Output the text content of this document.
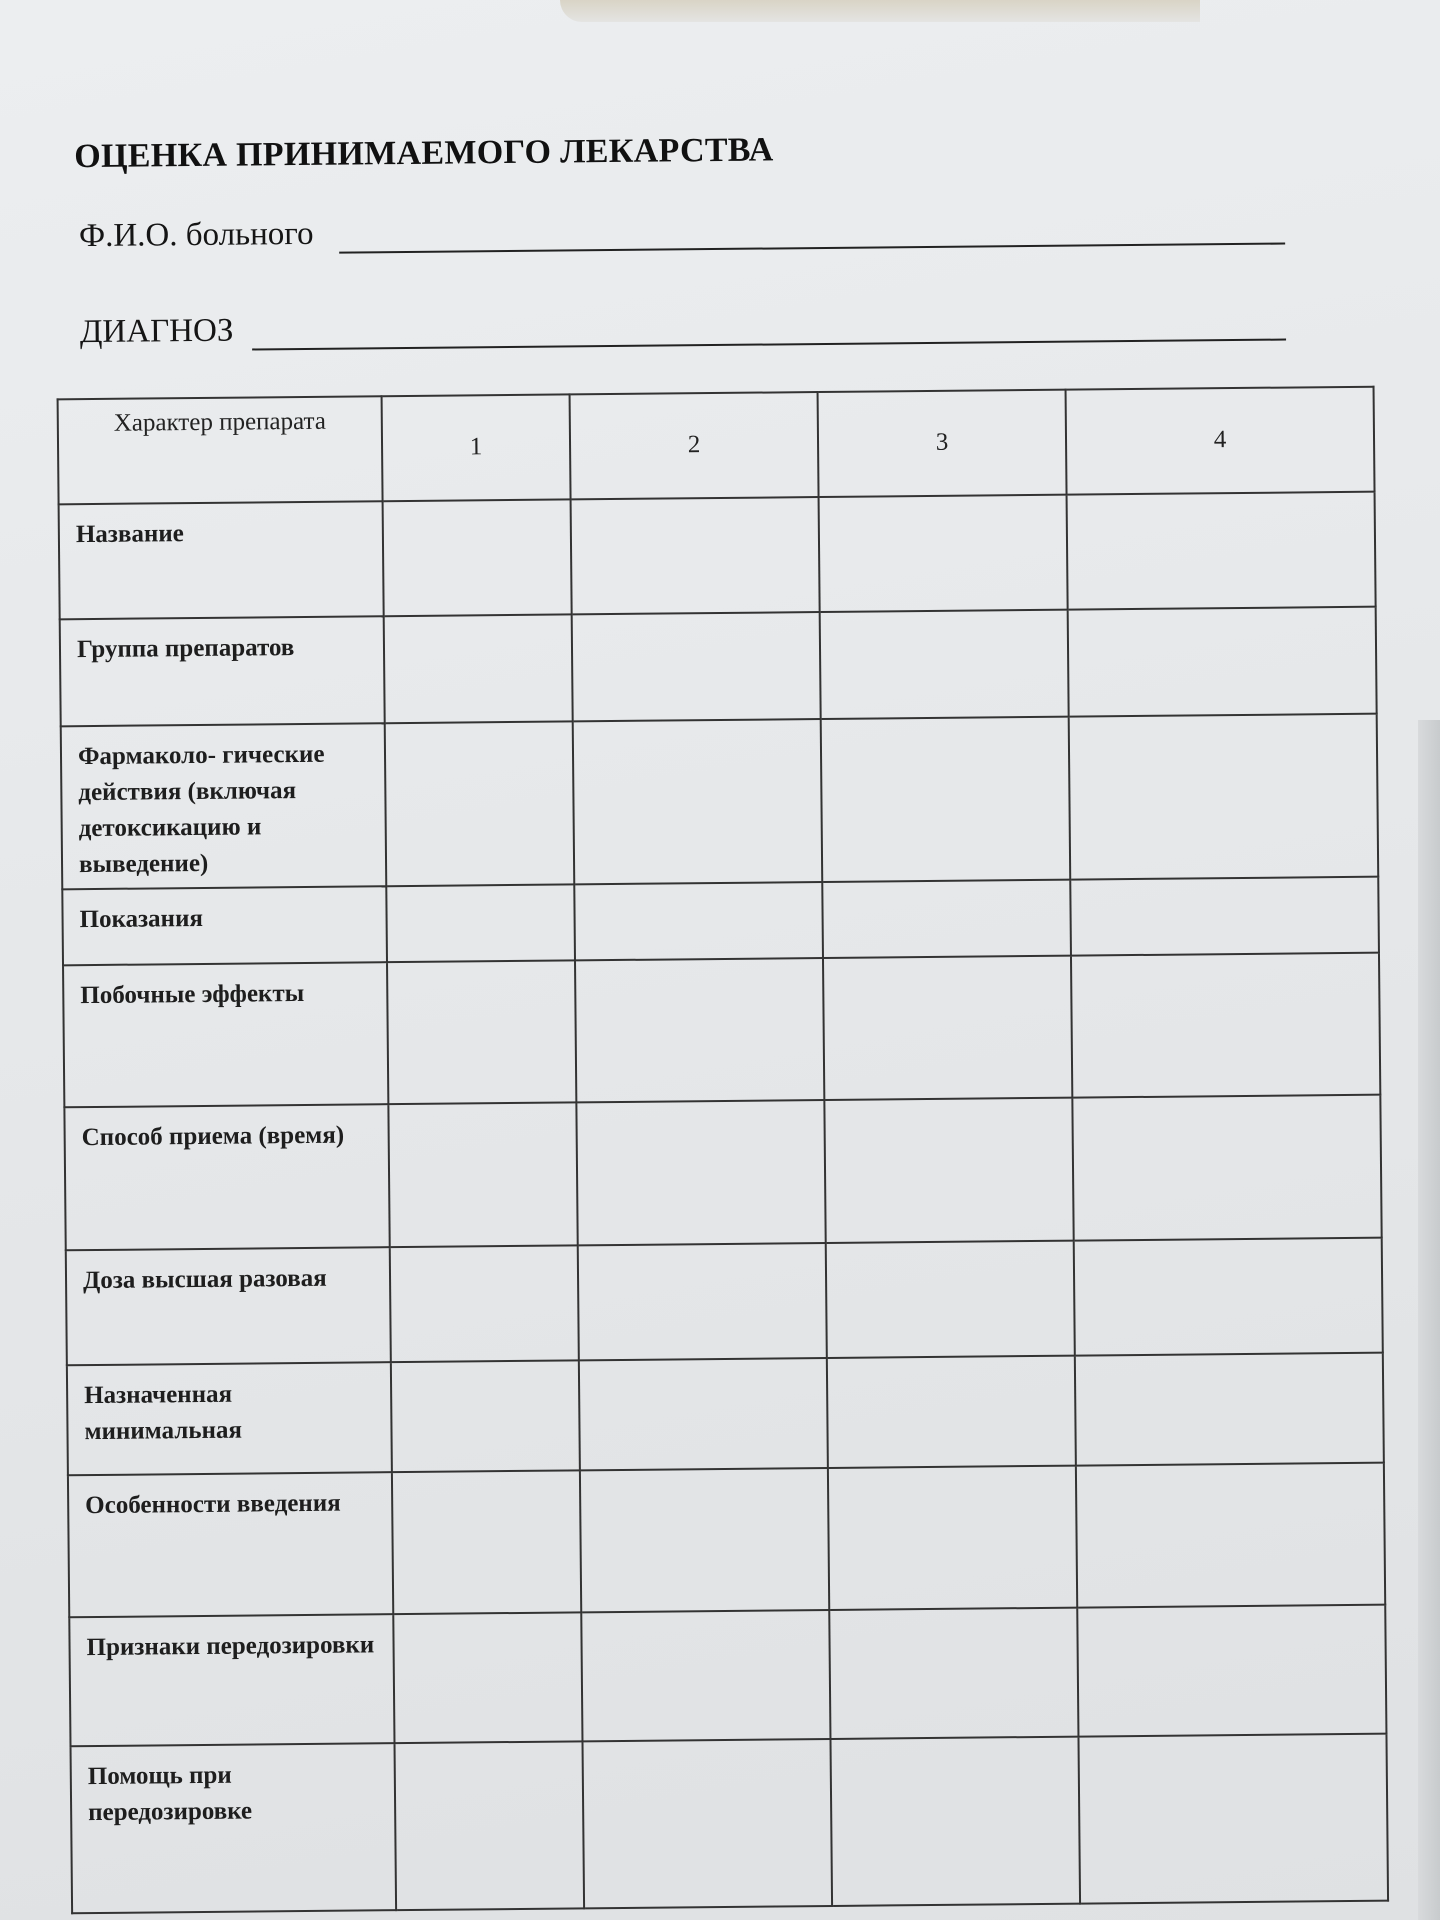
ОЦЕНКА ПРИНИМАЕМОГО ЛЕКАРСТВА
Ф.И.О. больного
ДИАГНОЗ
Характер препарата	1	2	3	4
Название				
Группа препаратов				
Фармаколо- гические действия (включая детоксикацию и выведение)				
Показания				
Побочные эффекты				
Способ приема (время)				
Доза высшая разовая				
Назначенная минимальная				
Особенности введения				
Признаки передозировки				
Помощь при передозировке				
